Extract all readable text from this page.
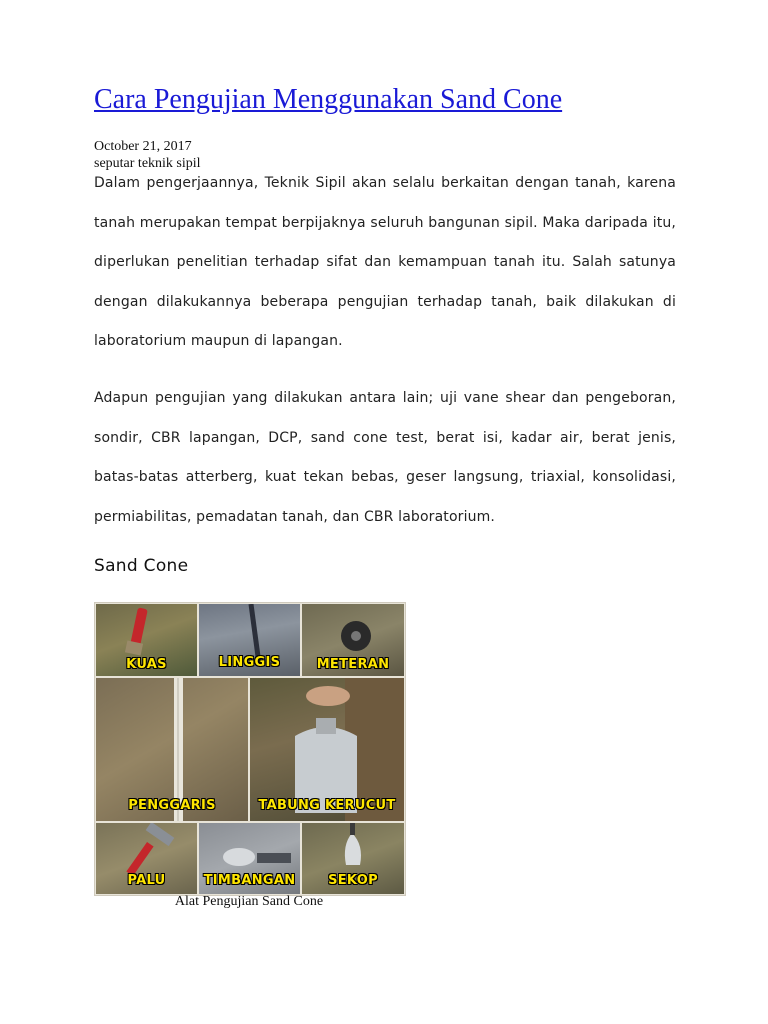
Cara Pengujian Menggunakan Sand Cone
October 21, 2017
seputar teknik sipil

Dalam pengerjaannya, Teknik Sipil akan selalu berkaitan dengan tanah, karena tanah merupakan tempat berpijaknya seluruh bangunan sipil. Maka daripada itu, diperlukan penelitian terhadap sifat dan kemampuan tanah itu. Salah satunya dengan dilakukannya beberapa pengujian terhadap tanah, baik dilakukan di laboratorium maupun di lapangan.

Adapun pengujian yang dilakukan antara lain; uji vane shear dan pengeboran, sondir, CBR lapangan, DCP, sand cone test, berat isi, kadar air, berat jenis, batas-batas atterberg, kuat tekan bebas, geser langsung, triaxial, konsolidasi, permiabilitas, pemadatan tanah, dan CBR laboratorium.

Sand Cone
KUAS	LINGGIS	METERAN
PENGGARIS	TABUNG KERUCUT
PALU	TIMBANGAN	SEKOP
Alat Pengujian Sand Cone
